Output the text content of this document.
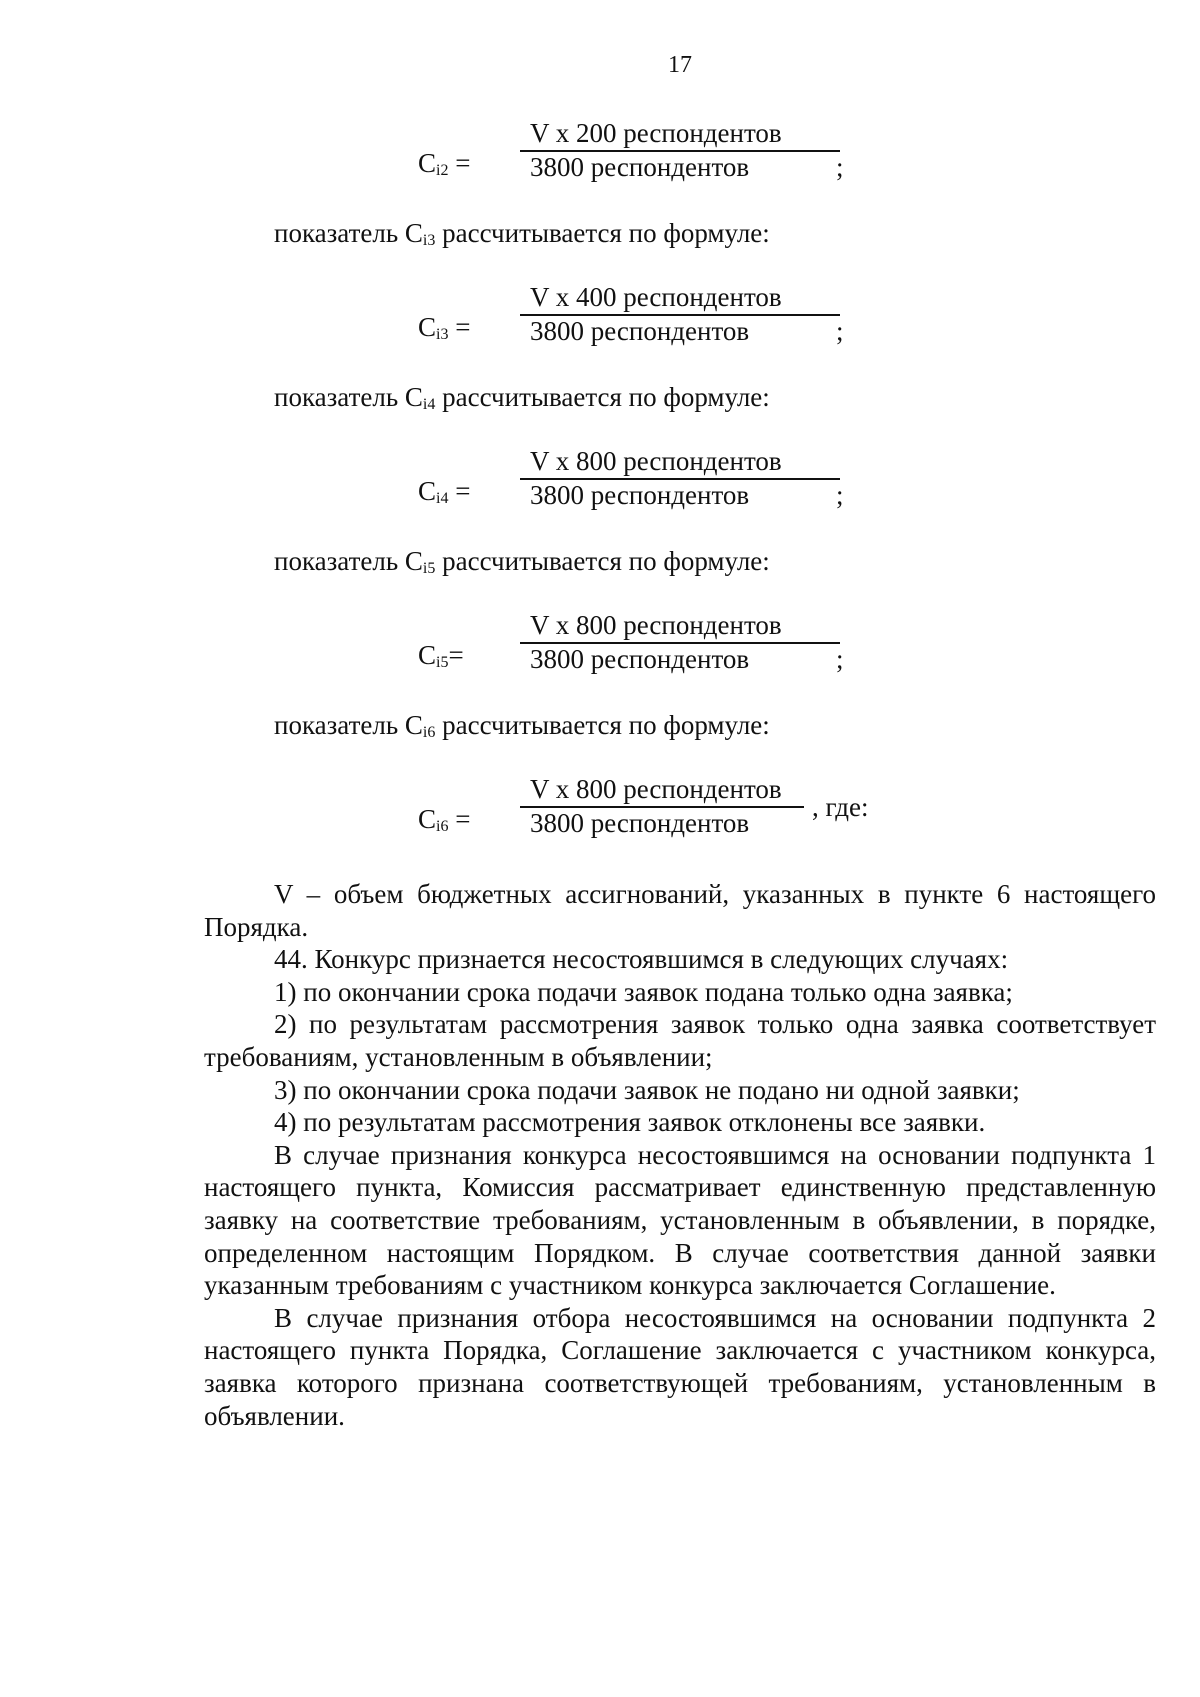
17
$C_{i2}$ =
V x 200 респондентов
3800 респондентов	;
показатель $C_{i3}$ рассчитывается по формуле:
$C_{i3}$ =
V x 400 респондентов
3800 респондентов	;
показатель $C_{i4}$ рассчитывается по формуле:
$C_{i4}$ =
V x 800 респондентов
3800 респондентов	;
показатель $C_{i5}$ рассчитывается по формуле:
$C_{i5}=$
V x 800 респондентов
3800 респондентов	;
показатель $C_{i6}$ рассчитывается по формуле:
$C_{i6}$ =
V x 800 респондентов
3800 респондентов
, где:

V – объем бюджетных ассигнований, указанных в пункте 6 настоящего Порядка.

44. Конкурс признается несостоявшимся в следующих случаях:

1) по окончании срока подачи заявок подана только одна заявка;

2) по результатам рассмотрения заявок только одна заявка соответствует требованиям, установленным в объявлении;

3) по окончании срока подачи заявок не подано ни одной заявки;

4) по результатам рассмотрения заявок отклонены все заявки.

В случае признания конкурса несостоявшимся на основании подпункта 1 настоящего пункта, Комиссия рассматривает единственную представленную заявку на соответствие требованиям, установленным в объявлении, в порядке, определенном настоящим Порядком. В случае соответствия данной заявки указанным требованиям с участником конкурса заключается Соглашение.

В случае признания отбора несостоявшимся на основании подпункта 2 настоящего пункта Порядка, Соглашение заключается с участником конкурса, заявка которого признана соответствующей требованиям, установленным в объявлении.
